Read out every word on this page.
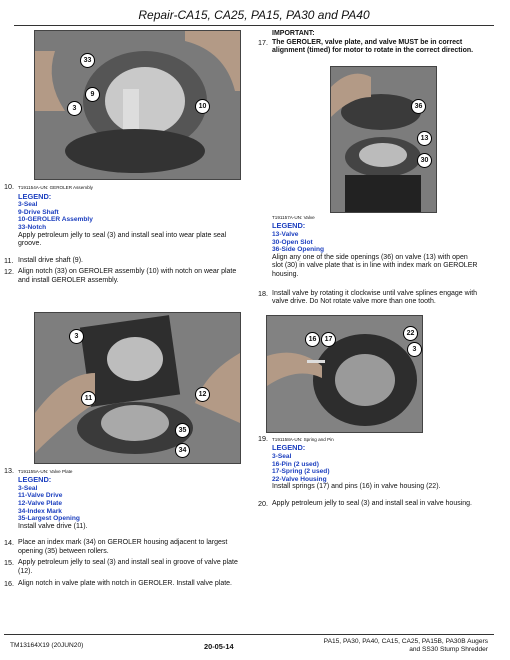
Repair-CA15, CA25, PA15, PA30 and PA40
33
9
3	10
10. T191154A-UN: GEROLER Assembly
LEGEND:
3-Seal
9-Drive Shaft
10-GEROLER Assembly
33-Notch
Apply petroleum jelly to seal (3) and install seal into wear plate seal groove.
11. Install drive shaft (9).
12. Align notch (33) on GEROLER assembly (10) with notch on wear plate and install GEROLER assembly.
3
11
12
35
34
13. T191155A-UN: Valve Plate
LEGEND:
3-Seal
11-Valve Drive
12-Valve Plate
34-Index Mark
35-Largest Opening
Install valve drive (11).
14. Place an index mark (34) on GEROLER housing adjacent to largest opening (35) between rollers.
15. Apply petroleum jelly to seal (3) and install seal in groove of valve plate (12).
16. Align notch in valve plate with notch in GEROLER. Install valve plate.
IMPORTANT:
17. The GEROLER, valve plate, and valve MUST be in correct alignment (timed) for motor to rotate in the correct direction.
36
13
30
T191157A-UN: Valve
LEGEND:
13-Valve
30-Open Slot
36-Side Opening
Align any one of the side openings (36) on valve (13) with open slot (30) in valve plate that is in line with index mark on GEROLER housing.
18. Install valve by rotating it clockwise until valve splines engage with valve drive. Do Not rotate valve more than one tooth.
16	17
22
3
19. T191158A-UN: Spring and Pin
LEGEND:
3-Seal
16-Pin (2 used)
17-Spring (2 used)
22-Valve Housing
Install springs (17) and pins (16) in valve housing (22).
20. Apply petroleum jelly to seal (3) and install seal in valve housing.
TM13164X19 (20JUN20)	20-05-14
PA15, PA30, PA40, CA15, CA25, PA15B, PA30B Augers
and SS30 Stump Shredder
